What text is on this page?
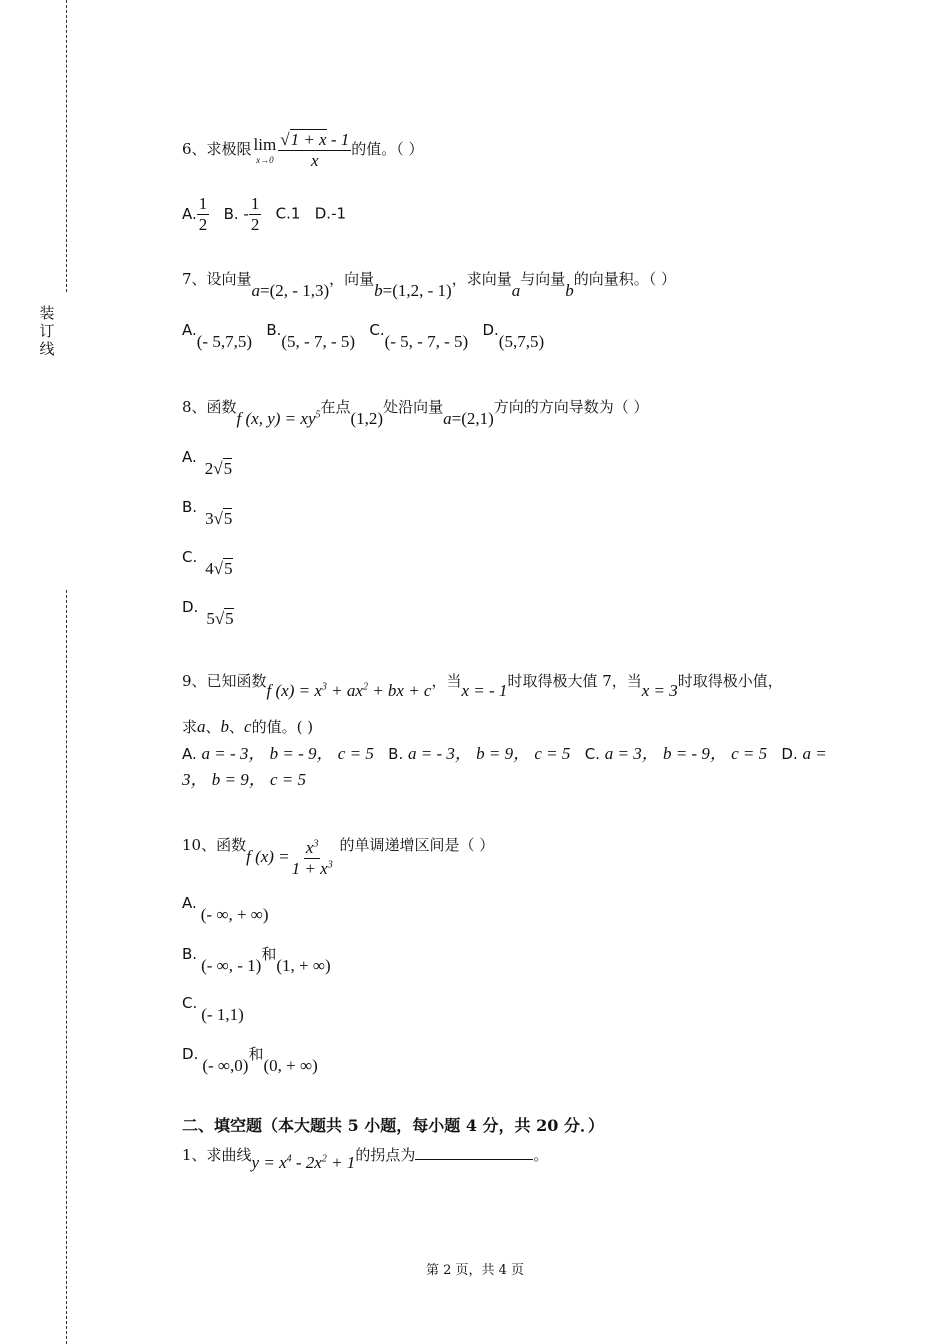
装订线
6、求极限 lim
$x\to 0 \frac{√1 + x - 1}{x}$ 的值。（ ）
A. $\frac{1}{2} B$. - $\frac{1}{2} C.1$ D.-1
7、设向量a=(2, - 1,3)，向量b=(1,2, - 1)，求向量a与向量b的向量积。（ ）
A.(- 5,7,5)   B.(5, - 7, - 5)   C.(- 5, - 7, - 5)   D.(5,7,5)
8、函数f (x, $y) = xy^5$在点(1,2)处沿向量a=(2,1)方向的方向导数为（ ）
A.2√5
B.3√5
C.4√5
D.5√5
9、已知函数f $(x) = x^3 + ax^2$ + bx + c，当x = - 1时取得极大值 7，当x = 3时取得极小值，
求a、b、c的值。( )
A. a = - 3， b = - 9， c = 5 B. a = - 3， b = 9， c = 5 C. a = 3， b = - 9， c = 5 D. a = 3， b = 9， c = 5
10、函数f $(x) = \frac{x^3}{1 + x^3}$ 的单调递增区间是（ ）
A.(- ∞, + ∞)
B.(- ∞, - 1)和(1, + ∞)
C.(- 1,1)
D.(- ∞,0)和(0, + ∞)
二、填空题（本大题共 5 小题，每小题 4 分，共 20 分．）
1、求曲线$y = x^4 - 2x^2 + 1$的拐点为	。
第 2 页，共 4 页
